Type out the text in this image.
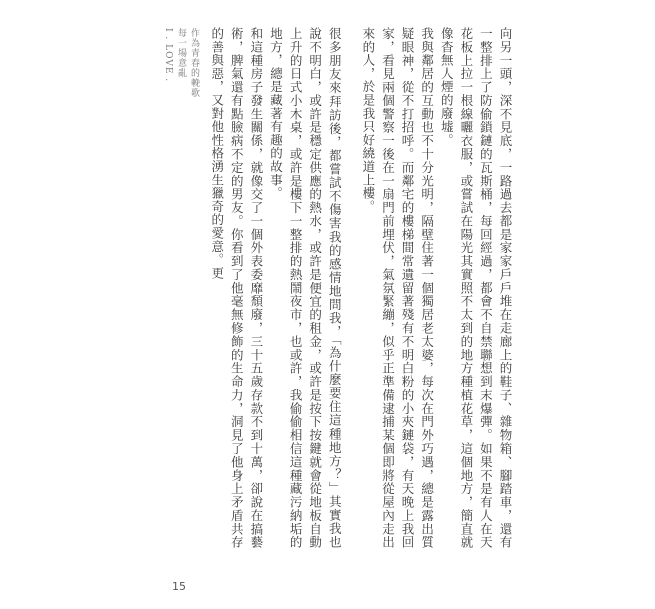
作為青春的輓歌
每一場意亂
I . LOVE .	向另一頭，深不見底，一路過去都是家家戶戶堆在走廊上的鞋子、雜物箱、腳踏車，還有一整排上了防偷鎖鏈的瓦斯桶，每回經過，都會不自禁聯想到末爆彈。如果不是有人在天花板上拉一根線曬衣服，或嘗試在陽光其實照不太到的地方種植花草，這個地方，簡直就像杳無人煙的廢墟。

我與鄰居的互動也不十分光明，隔壁住著一個獨居老太婆，每次在門外巧遇，總是露出質疑眼神，從不打招呼。而鄰宅的樓梯間常遺留著殘有不明白粉的小夾鏈袋，有天晚上我回家，看見兩個警察一後在一扇門前埋伏，氣氛緊繃，似乎正準備逮捕某個即將從屋內走出來的人，於是我只好繞道上樓。

很多朋友來拜訪後，都嘗試不傷害我的感情地問我，「為什麼要住這種地方？」其實我也說不明白，或許是穩定供應的熱水，或許是便宜的租金，或許是按下按鍵就會從地板自動上升的日式小木桌，或許是樓下一整排的熱鬧夜市，也或許，我偷偷相信這種藏污納垢的地方，總是藏著有趣的故事。

和這種房子發生關係，就像交了一個外表委靡頹廢，三十五歲存款不到十萬，卻說在搞藝術，脾氣還有點臉病不定的男友。你看到了他毫無修飾的生命力，洞見了他身上矛盾共存的善與惡，又對他性格湧生獵奇的愛意。更

15
